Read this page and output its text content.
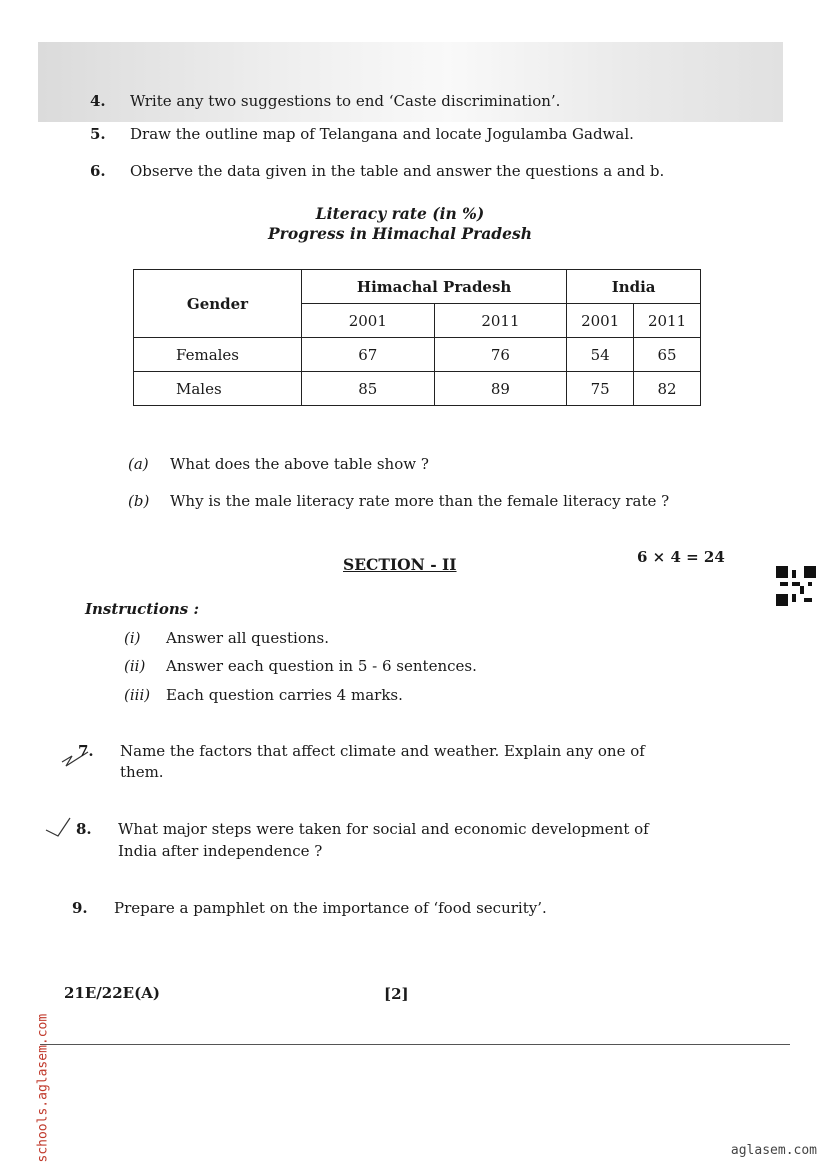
4. Write any two suggestions to end ‘Caste discrimination’.
5. Draw the outline map of Telangana and locate Jogulamba Gadwal.
6. Observe the data given in the table and answer the questions a and b.
Literacy rate (in %)
Progress in Himachal Pradesh
Gender	Himachal Pradesh		India	
	2001	2011	2001	2011
Females	67	76	54	65
Males	85	89	75	82
(a) What does the above table show ?
(b) Why is the male literacy rate more than the female literacy rate ?
SECTION - II	6 × 4 = 24
Instructions :
(i) Answer all questions.
(ii) Answer each question in 5 - 6 sentences.
(iii) Each question carries 4 marks.
7. Name the factors that affect climate and weather. Explain any one of
them.
8. What major steps were taken for social and economic development of
India after independence ?
9. Prepare a pamphlet on the importance of ‘food security’.
21E/22E(A)	[2]
schools.aglasem.com	aglasem.com
